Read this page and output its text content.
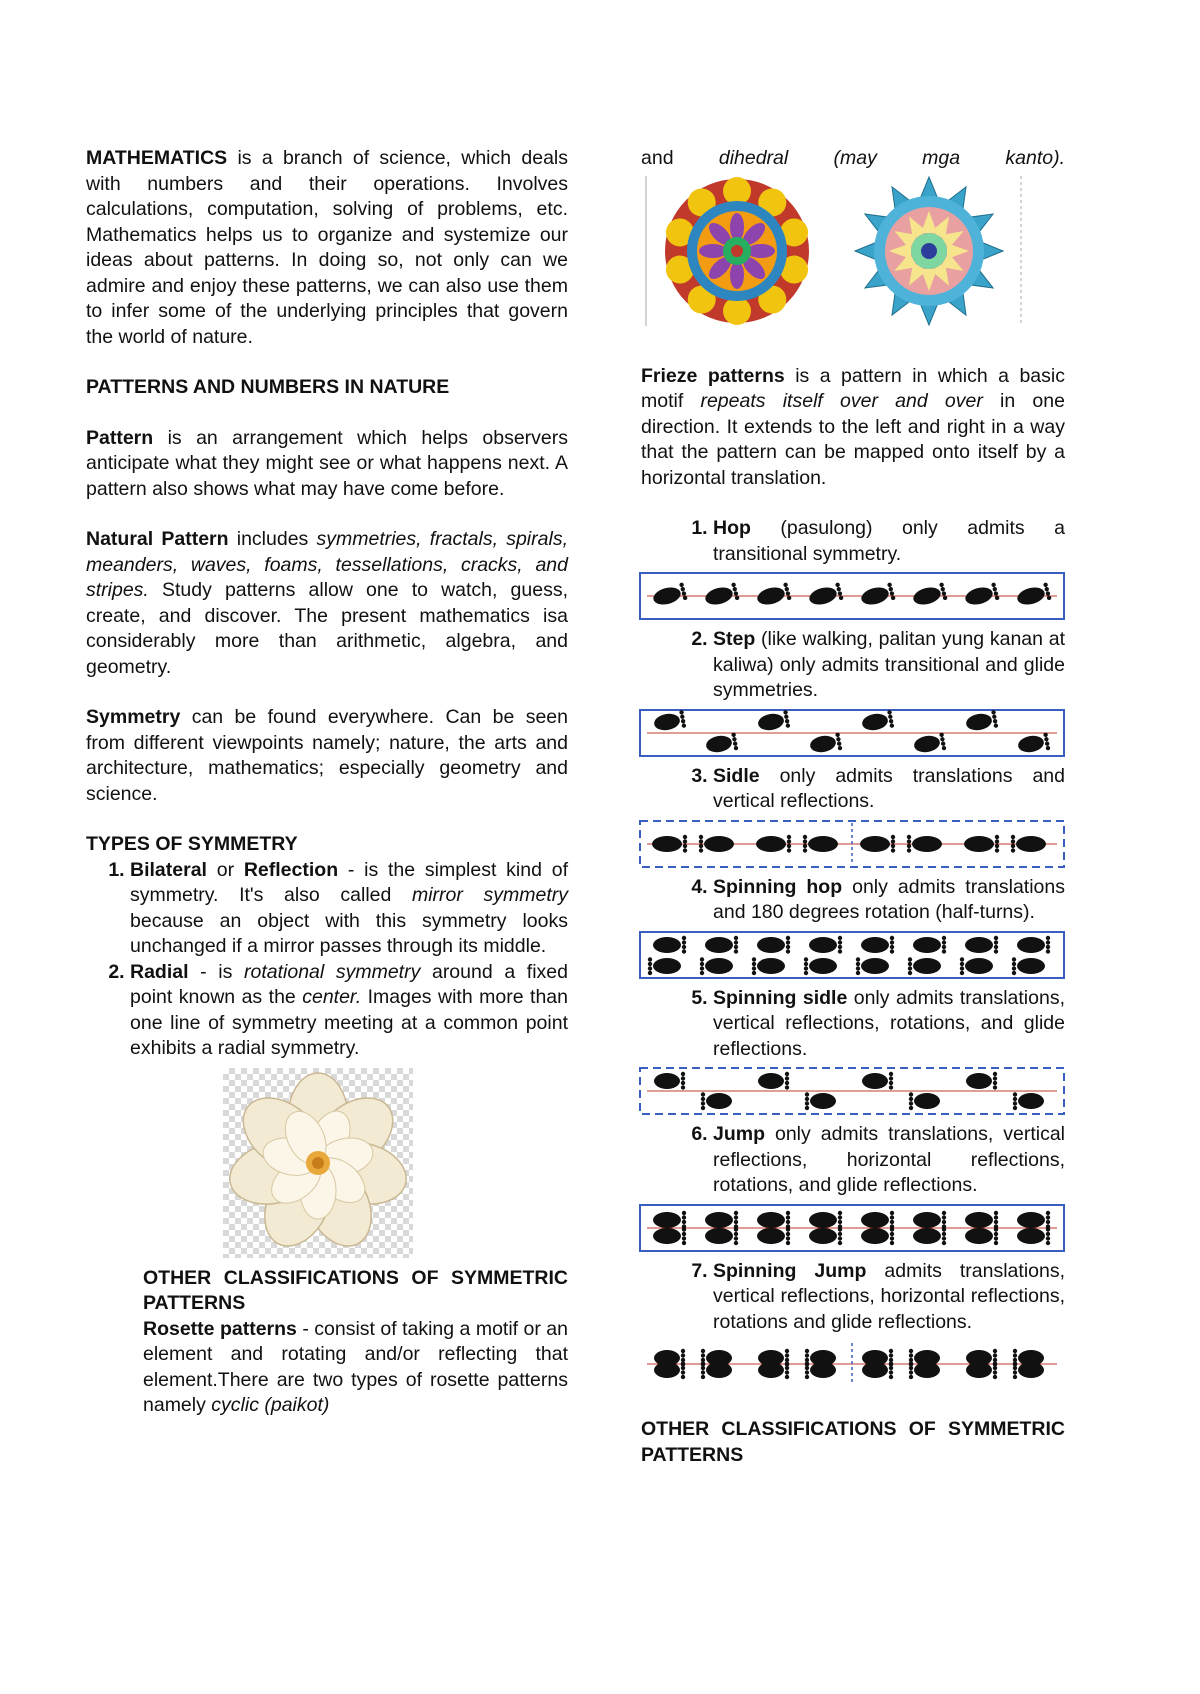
MATHEMATICS is a branch of science, which deals with numbers and their operations. Involves calculations, computation, solving of problems, etc. Mathematics helps us to organize and systemize our ideas about patterns. In doing so, not only can we admire and enjoy these patterns, we can also use them to infer some of the underlying principles that govern the world of nature.

PATTERNS AND NUMBERS IN NATURE

Pattern is an arrangement which helps observers anticipate what they might see or what happens next. A pattern also shows what may have come before.

Natural Pattern includes symmetries, fractals, spirals, meanders, waves, foams, tessellations, cracks, and stripes. Study patterns allow one to watch, guess, create, and discover. The present mathematics isa considerably more than arithmetic, algebra, and geometry.

Symmetry can be found everywhere. Can be seen from different viewpoints namely; nature, the arts and architecture, mathematics; especially geometry and science.

TYPES OF SYMMETRY

1. Bilateral or Reflection - is the simplest kind of symmetry. It's also called mirror symmetry because an object with this symmetry looks unchanged if a mirror passes through its middle.
2. Radial - is rotational symmetry around a fixed point known as the center. Images with more than one line of symmetry meeting at a common point exhibits a radial symmetry.

OTHER CLASSIFICATIONS OF SYMMETRIC PATTERNS

Rosette patterns - consist of taking a motif or an element and rotating and/or reflecting that element.There are two types of rosette patterns namely cyclic (paikot)

and dihedral (may mga kanto).

Frieze patterns is a pattern in which a basic motif repeats itself over and over in one direction. It extends to the left and right in a way that the pattern can be mapped onto itself by a horizontal translation.

1. Hop (pasulong) only admits a transitional symmetry.
2. Step (like walking, palitan yung kanan at kaliwa) only admits transitional and glide symmetries.
3. Sidle only admits translations and vertical reflections.
4. Spinning hop only admits translations and 180 degrees rotation (half-turns).
5. Spinning sidle only admits translations, vertical reflections, rotations, and glide reflections.
6. Jump only admits translations, vertical reflections, horizontal reflections, rotations, and glide reflections.
7. Spinning Jump admits translations, vertical reflections, horizontal reflections, rotations and glide reflections.

OTHER CLASSIFICATIONS OF SYMMETRIC PATTERNS
